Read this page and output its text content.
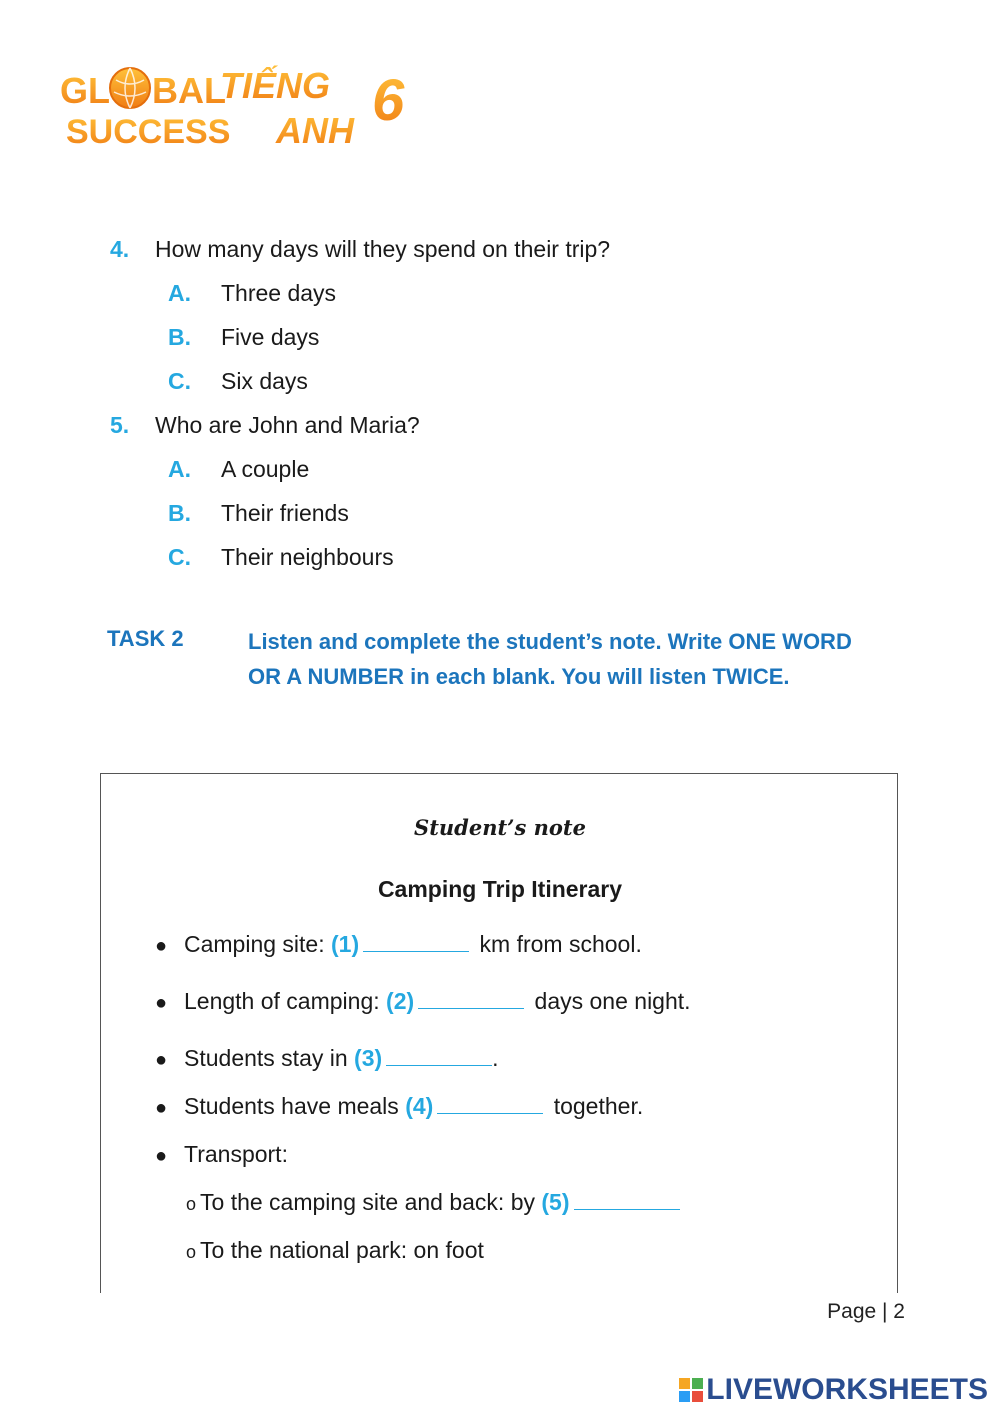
GL BAL
SUCCESS
TIẾNG
ANH 6
4. How many days will they spend on their trip?
A. Three days
B. Five days
C. Six days
5. Who are John and Maria?
A. A couple
B. Their friends
C. Their neighbours
TASK 2	Listen and complete the student’s note. Write ONE WORD OR A NUMBER in each blank. You will listen TWICE.
Student’s note
Camping Trip Itinerary
● Camping site: (1)	km from school.
● Length of camping: (2)	days one night.
● Students stay in (3)	.
● Students have meals (4)	together.
● Transport:
o To the camping site and back: by (5)
o To the national park: on foot
Page | 2
LIVEWORKSHEETS
